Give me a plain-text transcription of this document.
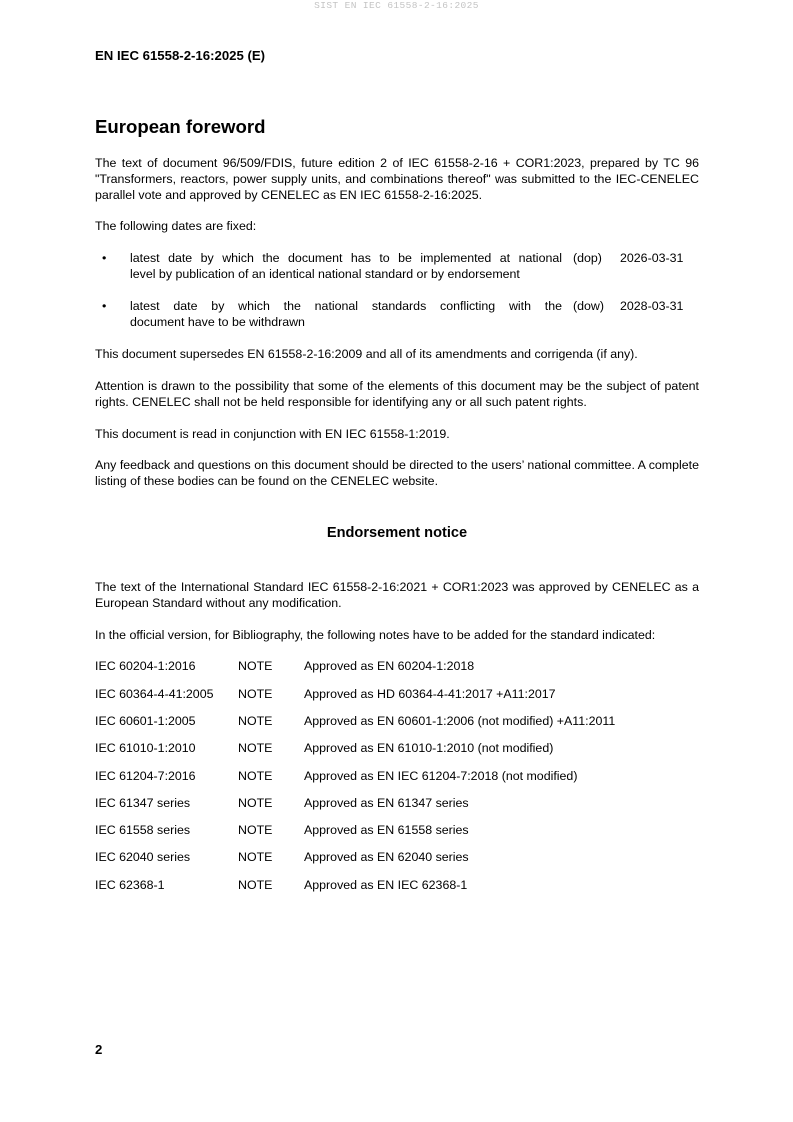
SIST EN IEC 61558-2-16:2025
EN IEC 61558-2-16:2025 (E)
European foreword

The text of document 96/509/FDIS, future edition 2 of IEC 61558-2-16 + COR1:2023, prepared by TC 96 "Transformers, reactors, power supply units, and combinations thereof" was submitted to the IEC-CENELEC parallel vote and approved by CENELEC as EN IEC 61558-2-16:2025.

The following dates are fixed:

• latest date by which the document has to be implemented at national
level by publication of an identical national standard or by endorsement
(dop) 2026-03-31
• latest date by which the national standards conflicting with the
document have to be withdrawn
(dow) 2028-03-31

This document supersedes EN 61558-2-16:2009 and all of its amendments and corrigenda (if any).

Attention is drawn to the possibility that some of the elements of this document may be the subject of patent rights. CENELEC shall not be held responsible for identifying any or all such patent rights.

This document is read in conjunction with EN IEC 61558-1:2019.

Any feedback and questions on this document should be directed to the users’ national committee. A complete listing of these bodies can be found on the CENELEC website.

Endorsement notice

The text of the International Standard IEC 61558-2-16:2021 + COR1:2023 was approved by CENELEC as a European Standard without any modification.

In the official version, for Bibliography, the following notes have to be added for the standard indicated:

IEC 60204-1:2016	NOTE	Approved as EN 60204-1:2018
IEC 60364-4-41:2005 NOTE	Approved as HD 60364-4-41:2017 +A11:2017
IEC 60601-1:2005	NOTE	Approved as EN 60601-1:2006 (not modified) +A11:2011
IEC 61010-1:2010	NOTE	Approved as EN 61010-1:2010 (not modified)
IEC 61204-7:2016	NOTE	Approved as EN IEC 61204-7:2018 (not modified)
IEC 61347 series	NOTE	Approved as EN 61347 series
IEC 61558 series	NOTE	Approved as EN 61558 series
IEC 62040 series	NOTE	Approved as EN 62040 series
IEC 62368-1	NOTE	Approved as EN IEC 62368-1
2
